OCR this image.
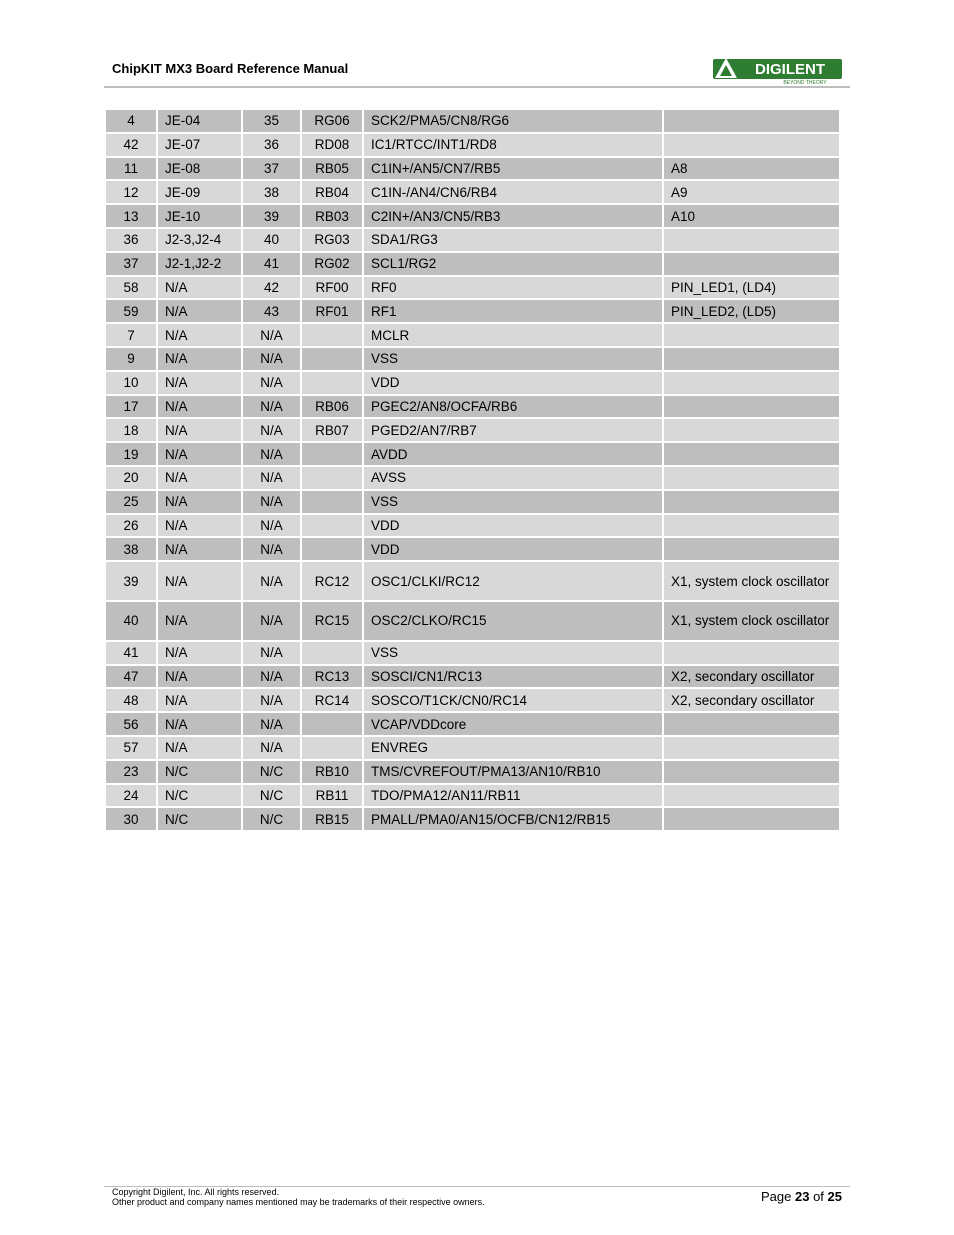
ChipKIT MX3 Board Reference Manual	DIGILENT
BEYOND THEORY
4	JE-04	35	RG06	SCK2/PMA5/CN8/RG6	
42	JE-07	36	RD08	IC1/RTCC/INT1/RD8	
11	JE-08	37	RB05	C1IN+/AN5/CN7/RB5	A8
12	JE-09	38	RB04	C1IN-/AN4/CN6/RB4	A9
13	JE-10	39	RB03	C2IN+/AN3/CN5/RB3	A10
36	J2-3,J2-4	40	RG03	SDA1/RG3	
37	J2-1,J2-2	41	RG02	SCL1/RG2	
58	N/A	42	RF00	RF0	PIN_LED1, (LD4)
59	N/A	43	RF01	RF1	PIN_LED2, (LD5)
7	N/A	N/A		MCLR	
9	N/A	N/A		VSS	
10	N/A	N/A		VDD	
17	N/A	N/A	RB06	PGEC2/AN8/OCFA/RB6	
18	N/A	N/A	RB07	PGED2/AN7/RB7	
19	N/A	N/A		AVDD	
20	N/A	N/A		AVSS	
25	N/A	N/A		VSS	
26	N/A	N/A		VDD	
38	N/A	N/A		VDD	
39	N/A	N/A	RC12	OSC1/CLKI/RC12	X1, system clock oscillator
40	N/A	N/A	RC15	OSC2/CLKO/RC15	X1, system clock oscillator
41	N/A	N/A		VSS	
47	N/A	N/A	RC13	SOSCI/CN1/RC13	X2, secondary oscillator
48	N/A	N/A	RC14	SOSCO/T1CK/CN0/RC14	X2, secondary oscillator
56	N/A	N/A		VCAP/VDDcore	
57	N/A	N/A		ENVREG	
23	N/C	N/C	RB10	TMS/CVREFOUT/PMA13/AN10/RB10	
24	N/C	N/C	RB11	TDO/PMA12/AN11/RB11	
30	N/C	N/C	RB15	PMALL/PMA0/AN15/OCFB/CN12/RB15	
Copyright Digilent, Inc. All rights reserved.
Other product and company names mentioned may be trademarks of their respective owners.	Page 23 of 25
